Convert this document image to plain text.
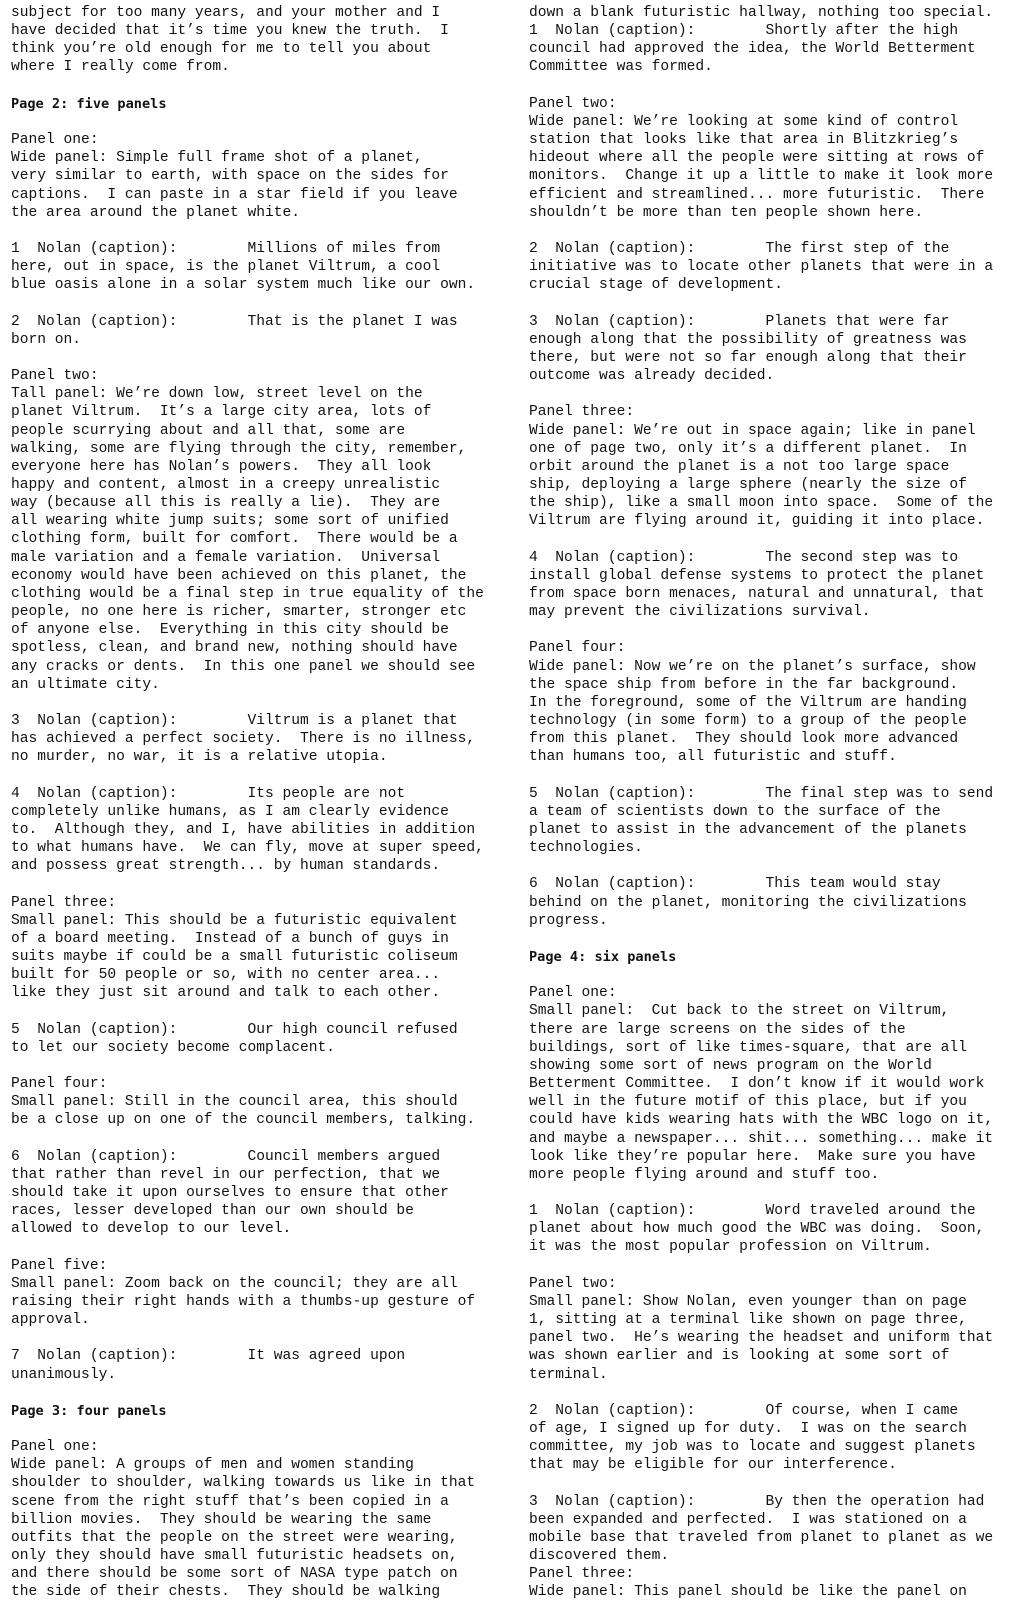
subject for too many years, and your mother and I
have decided that it’s time you knew the truth.  I
think you’re old enough for me to tell you about
where I really come from.
Page 2: five panels
Panel one:
Wide panel: Simple full frame shot of a planet,
very similar to earth, with space on the sides for
captions.  I can paste in a star field if you leave
the area around the planet white.
1  Nolan (caption):        Millions of miles from
here, out in space, is the planet Viltrum, a cool
blue oasis alone in a solar system much like our own.
2  Nolan (caption):        That is the planet I was
born on.
Panel two:
Tall panel: We’re down low, street level on the
planet Viltrum.  It’s a large city area, lots of
people scurrying about and all that, some are
walking, some are flying through the city, remember,
everyone here has Nolan’s powers.  They all look
happy and content, almost in a creepy unrealistic
way (because all this is really a lie).  They are
all wearing white jump suits; some sort of unified
clothing form, built for comfort.  There would be a
male variation and a female variation.  Universal
economy would have been achieved on this planet, the
clothing would be a final step in true equality of the
people, no one here is richer, smarter, stronger etc
of anyone else.  Everything in this city should be
spotless, clean, and brand new, nothing should have
any cracks or dents.  In this one panel we should see
an ultimate city.
3  Nolan (caption):        Viltrum is a planet that
has achieved a perfect society.  There is no illness,
no murder, no war, it is a relative utopia.
4  Nolan (caption):        Its people are not
completely unlike humans, as I am clearly evidence
to.  Although they, and I, have abilities in addition
to what humans have.  We can fly, move at super speed,
and possess great strength... by human standards.
Panel three:
Small panel: This should be a futuristic equivalent
of a board meeting.  Instead of a bunch of guys in
suits maybe if could be a small futuristic coliseum
built for 50 people or so, with no center area...
like they just sit around and talk to each other.
5  Nolan (caption):        Our high council refused
to let our society become complacent.
Panel four:
Small panel: Still in the council area, this should
be a close up on one of the council members, talking.
6  Nolan (caption):        Council members argued
that rather than revel in our perfection, that we
should take it upon ourselves to ensure that other
races, lesser developed than our own should be
allowed to develop to our level.
Panel five:
Small panel: Zoom back on the council; they are all
raising their right hands with a thumbs-up gesture of
approval.
7  Nolan (caption):        It was agreed upon
unanimously.
Page 3: four panels
Panel one:
Wide panel: A groups of men and women standing
shoulder to shoulder, walking towards us like in that
scene from the right stuff that’s been copied in a
billion movies.  They should be wearing the same
outfits that the people on the street were wearing,
only they should have small futuristic headsets on,
and there should be some sort of NASA type patch on
the side of their chests.  They should be walking
down a blank futuristic hallway, nothing too special.
1  Nolan (caption):        Shortly after the high
council had approved the idea, the World Betterment
Committee was formed.
Panel two:
Wide panel: We’re looking at some kind of control
station that looks like that area in Blitzkrieg’s
hideout where all the people were sitting at rows of
monitors.  Change it up a little to make it look more
efficient and streamlined... more futuristic.  There
shouldn’t be more than ten people shown here.
2  Nolan (caption):        The first step of the
initiative was to locate other planets that were in a
crucial stage of development.
3  Nolan (caption):        Planets that were far
enough along that the possibility of greatness was
there, but were not so far enough along that their
outcome was already decided.
Panel three:
Wide panel: We’re out in space again; like in panel
one of page two, only it’s a different planet.  In
orbit around the planet is a not too large space
ship, deploying a large sphere (nearly the size of
the ship), like a small moon into space.  Some of the
Viltrum are flying around it, guiding it into place.
4  Nolan (caption):        The second step was to
install global defense systems to protect the planet
from space born menaces, natural and unnatural, that
may prevent the civilizations survival.
Panel four:
Wide panel: Now we’re on the planet’s surface, show
the space ship from before in the far background.
In the foreground, some of the Viltrum are handing
technology (in some form) to a group of the people
from this planet.  They should look more advanced
than humans too, all futuristic and stuff.
5  Nolan (caption):        The final step was to send
a team of scientists down to the surface of the
planet to assist in the advancement of the planets
technologies.
6  Nolan (caption):        This team would stay
behind on the planet, monitoring the civilizations
progress.
Page 4: six panels
Panel one:
Small panel:  Cut back to the street on Viltrum,
there are large screens on the sides of the
buildings, sort of like times-square, that are all
showing some sort of news program on the World
Betterment Committee.  I don’t know if it would work
well in the future motif of this place, but if you
could have kids wearing hats with the WBC logo on it,
and maybe a newspaper... shit... something... make it
look like they’re popular here.  Make sure you have
more people flying around and stuff too.
1  Nolan (caption):        Word traveled around the
planet about how much good the WBC was doing.  Soon,
it was the most popular profession on Viltrum.
Panel two:
Small panel: Show Nolan, even younger than on page
1, sitting at a terminal like shown on page three,
panel two.  He’s wearing the headset and uniform that
was shown earlier and is looking at some sort of
terminal.
2  Nolan (caption):        Of course, when I came
of age, I signed up for duty.  I was on the search
committee, my job was to locate and suggest planets
that may be eligible for our interference.
3  Nolan (caption):        By then the operation had
been expanded and perfected.  I was stationed on a
mobile base that traveled from planet to planet as we
discovered them.
Panel three:
Wide panel: This panel should be like the panel on
